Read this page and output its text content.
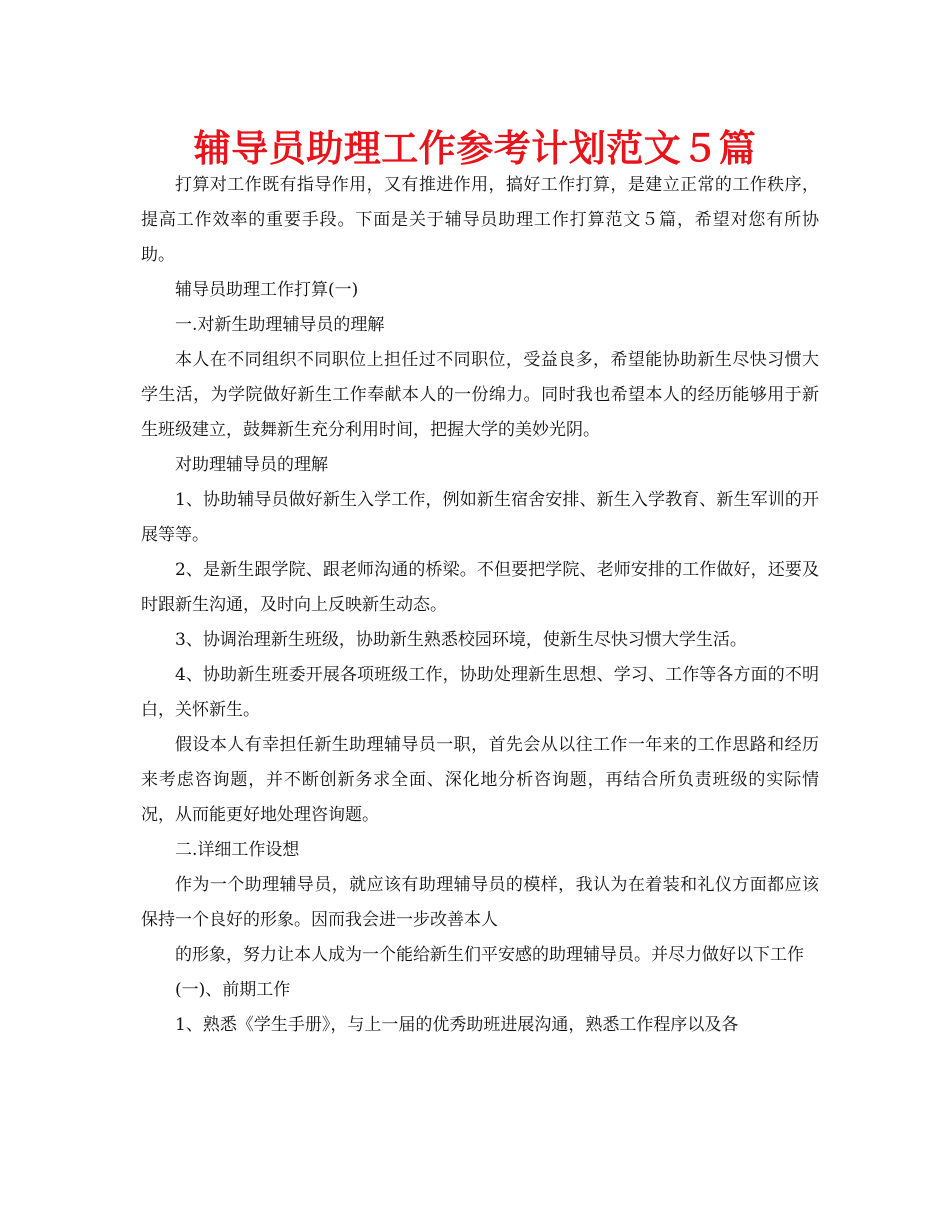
辅导员助理工作参考计划范文５篇

打算对工作既有指导作用，又有推进作用，搞好工作打算，是建立正常的工作秩序，提高工作效率的重要手段。下面是关于辅导员助理工作打算范文５篇，希望对您有所协助。

辅导员助理工作打算(一)

一.对新生助理辅导员的理解

本人在不同组织不同职位上担任过不同职位，受益良多，希望能协助新生尽快习惯大学生活，为学院做好新生工作奉献本人的一份绵力。同时我也希望本人的经历能够用于新生班级建立，鼓舞新生充分利用时间，把握大学的美妙光阴。

对助理辅导员的理解

1、协助辅导员做好新生入学工作，例如新生宿舍安排、新生入学教育、新生军训的开展等等。

2、是新生跟学院、跟老师沟通的桥梁。不但要把学院、老师安排的工作做好，还要及时跟新生沟通，及时向上反映新生动态。

3、协调治理新生班级，协助新生熟悉校园环境，使新生尽快习惯大学生活。

4、协助新生班委开展各项班级工作，协助处理新生思想、学习、工作等各方面的不明白，关怀新生。

假设本人有幸担任新生助理辅导员一职，首先会从以往工作一年来的工作思路和经历来考虑咨询题，并不断创新务求全面、深化地分析咨询题，再结合所负责班级的实际情况，从而能更好地处理咨询题。

二.详细工作设想

作为一个助理辅导员，就应该有助理辅导员的模样，我认为在着装和礼仪方面都应该保持一个良好的形象。因而我会进一步改善本人

的形象，努力让本人成为一个能给新生们平安感的助理辅导员。并尽力做好以下工作

(一)、前期工作

1、熟悉《学生手册》，与上一届的优秀助班进展沟通，熟悉工作程序以及各
